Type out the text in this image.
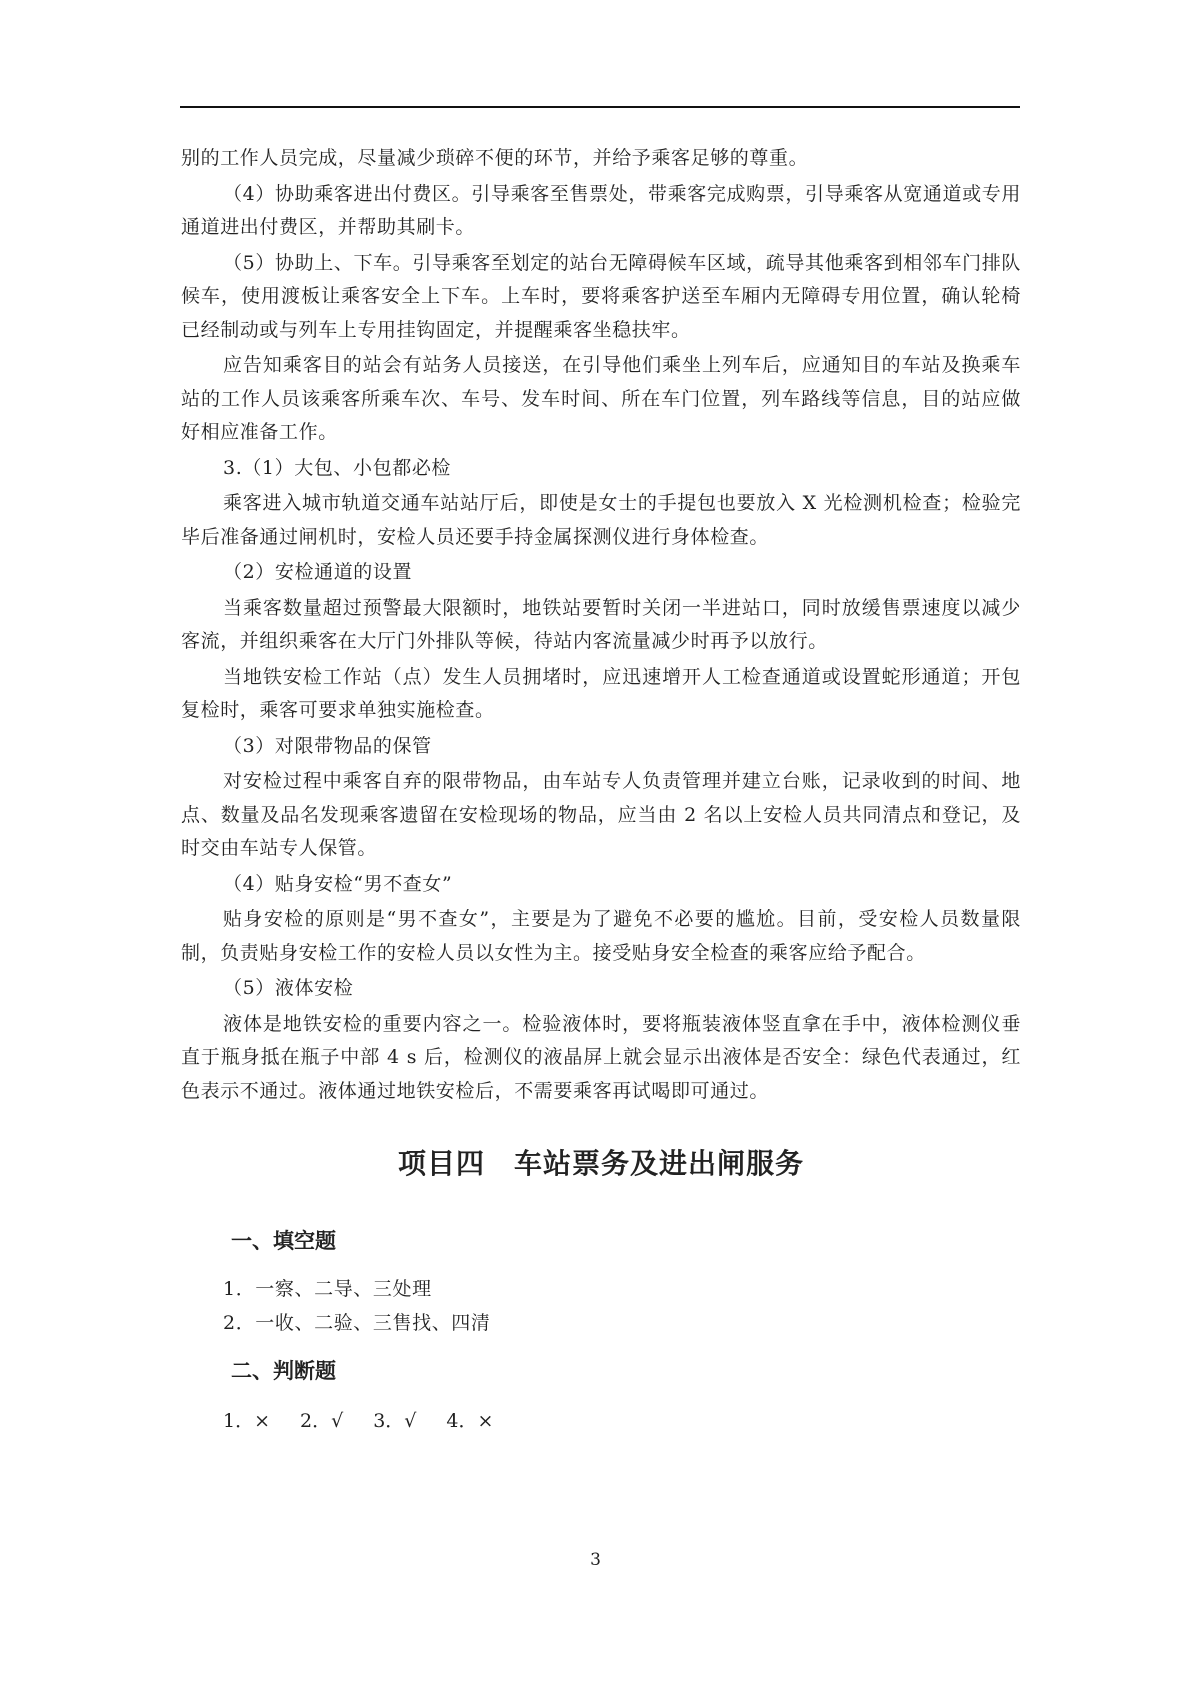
别的工作人员完成，尽量减少琐碎不便的环节，并给予乘客足够的尊重。

（4）协助乘客进出付费区。引导乘客至售票处，带乘客完成购票，引导乘客从宽通道或专用通道进出付费区，并帮助其刷卡。

（5）协助上、下车。引导乘客至划定的站台无障碍候车区域，疏导其他乘客到相邻车门排队候车，使用渡板让乘客安全上下车。上车时，要将乘客护送至车厢内无障碍专用位置，确认轮椅已经制动或与列车上专用挂钩固定，并提醒乘客坐稳扶牢。

应告知乘客目的站会有站务人员接送，在引导他们乘坐上列车后，应通知目的车站及换乘车站的工作人员该乘客所乘车次、车号、发车时间、所在车门位置，列车路线等信息，目的站应做好相应准备工作。

3.（1）大包、小包都必检

乘客进入城市轨道交通车站站厅后，即使是女士的手提包也要放入 X 光检测机检查；检验完毕后准备通过闸机时，安检人员还要手持金属探测仪进行身体检查。

（2）安检通道的设置

当乘客数量超过预警最大限额时，地铁站要暂时关闭一半进站口，同时放缓售票速度以减少客流，并组织乘客在大厅门外排队等候，待站内客流量减少时再予以放行。

当地铁安检工作站（点）发生人员拥堵时，应迅速增开人工检查通道或设置蛇形通道；开包复检时，乘客可要求单独实施检查。

（3）对限带物品的保管

对安检过程中乘客自弃的限带物品，由车站专人负责管理并建立台账，记录收到的时间、地点、数量及品名发现乘客遗留在安检现场的物品，应当由 2 名以上安检人员共同清点和登记，及时交由车站专人保管。

（4）贴身安检“男不查女”

贴身安检的原则是“男不查女”，主要是为了避免不必要的尴尬。目前，受安检人员数量限制，负责贴身安检工作的安检人员以女性为主。接受贴身安全检查的乘客应给予配合。

（5）液体安检

液体是地铁安检的重要内容之一。检验液体时，要将瓶装液体竖直拿在手中，液体检测仪垂直于瓶身抵在瓶子中部 4 s 后，检测仪的液晶屏上就会显示出液体是否安全：绿色代表通过，红色表示不通过。液体通过地铁安检后，不需要乘客再试喝即可通过。

项目四　车站票务及进出闸服务
一、填空题

1．一察、二导、三处理

2．一收、二验、三售找、四清

二、判断题
1．× 2．√ 3．√ 4．×
3
